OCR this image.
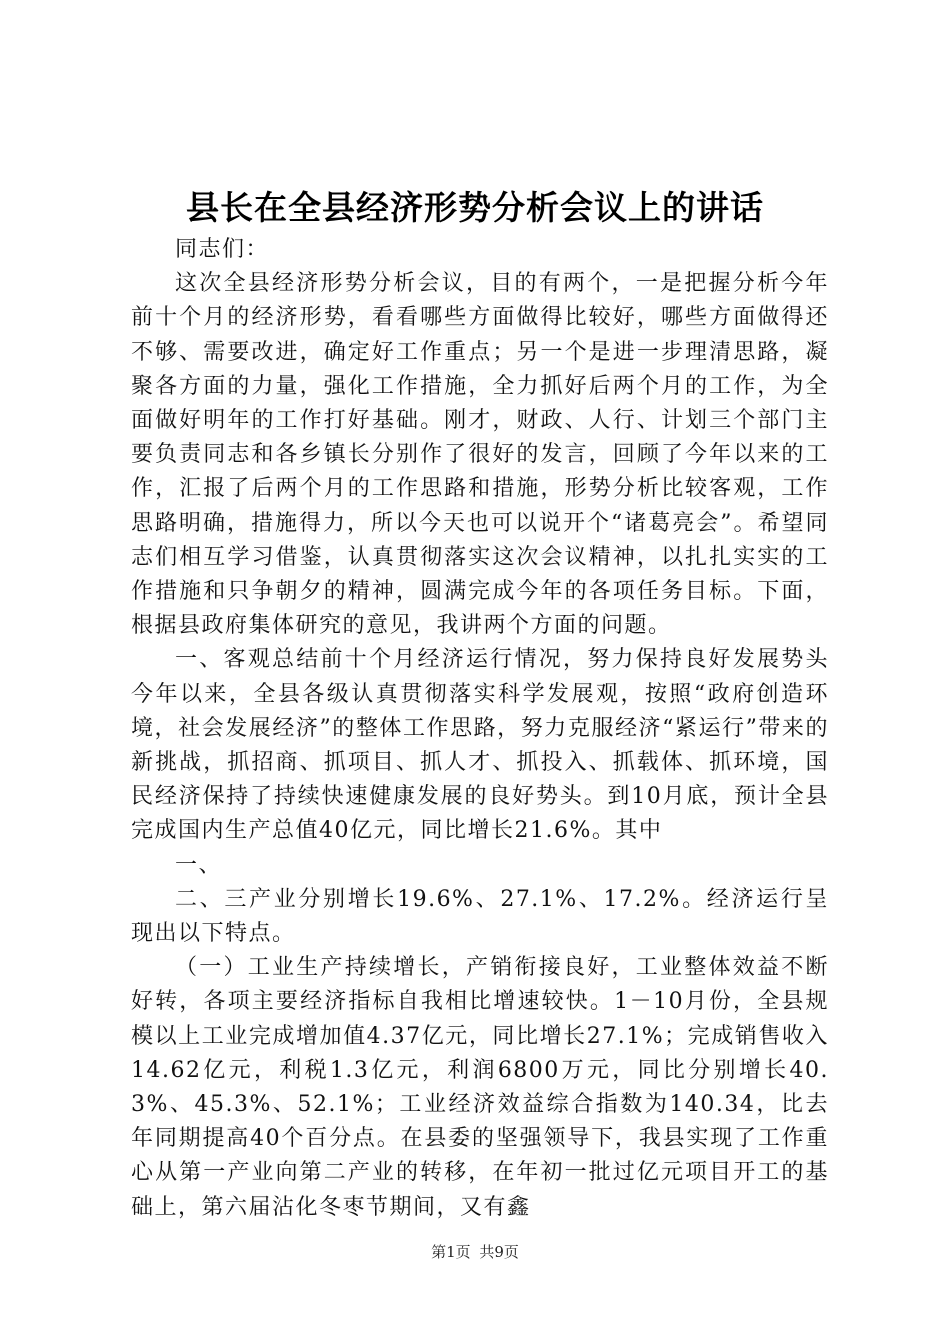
县长在全县经济形势分析会议上的讲话

同志们：

这次全县经济形势分析会议，目的有两个，一是把握分析今年前十个月的经济形势，看看哪些方面做得比较好，哪些方面做得还不够、需要改进，确定好工作重点；另一个是进一步理清思路，凝聚各方面的力量，强化工作措施，全力抓好后两个月的工作，为全面做好明年的工作打好基础。刚才，财政、人行、计划三个部门主要负责同志和各乡镇长分别作了很好的发言，回顾了今年以来的工作，汇报了后两个月的工作思路和措施，形势分析比较客观，工作思路明确，措施得力，所以今天也可以说开个“诸葛亮会”。希望同志们相互学习借鉴，认真贯彻落实这次会议精神，以扎扎实实的工作措施和只争朝夕的精神，圆满完成今年的各项任务目标。下面，根据县政府集体研究的意见，我讲两个方面的问题。

一、客观总结前十个月经济运行情况，努力保持良好发展势头今年以来，全县各级认真贯彻落实科学发展观，按照“政府创造环境，社会发展经济”的整体工作思路，努力克服经济“紧运行”带来的新挑战，抓招商、抓项目、抓人才、抓投入、抓载体、抓环境，国民经济保持了持续快速健康发展的良好势头。到10月底，预计全县完成国内生产总值40亿元，同比增长21.6%。其中

一、

二、三产业分别增长19.6%、27.1%、17.2%。经济运行呈现出以下特点。

（一）工业生产持续增长，产销衔接良好，工业整体效益不断好转，各项主要经济指标自我相比增速较快。1－10月份，全县规模以上工业完成增加值4.37亿元，同比增长27.1%；完成销售收入14.62亿元，利税1.3亿元，利润6800万元，同比分别增长40.3%、45.3%、52.1%；工业经济效益综合指数为140.34，比去年同期提高40个百分点。在县委的坚强领导下，我县实现了工作重心从第一产业向第二产业的转移，在年初一批过亿元项目开工的基础上，第六届沾化冬枣节期间，又有鑫

第1页 共9页
